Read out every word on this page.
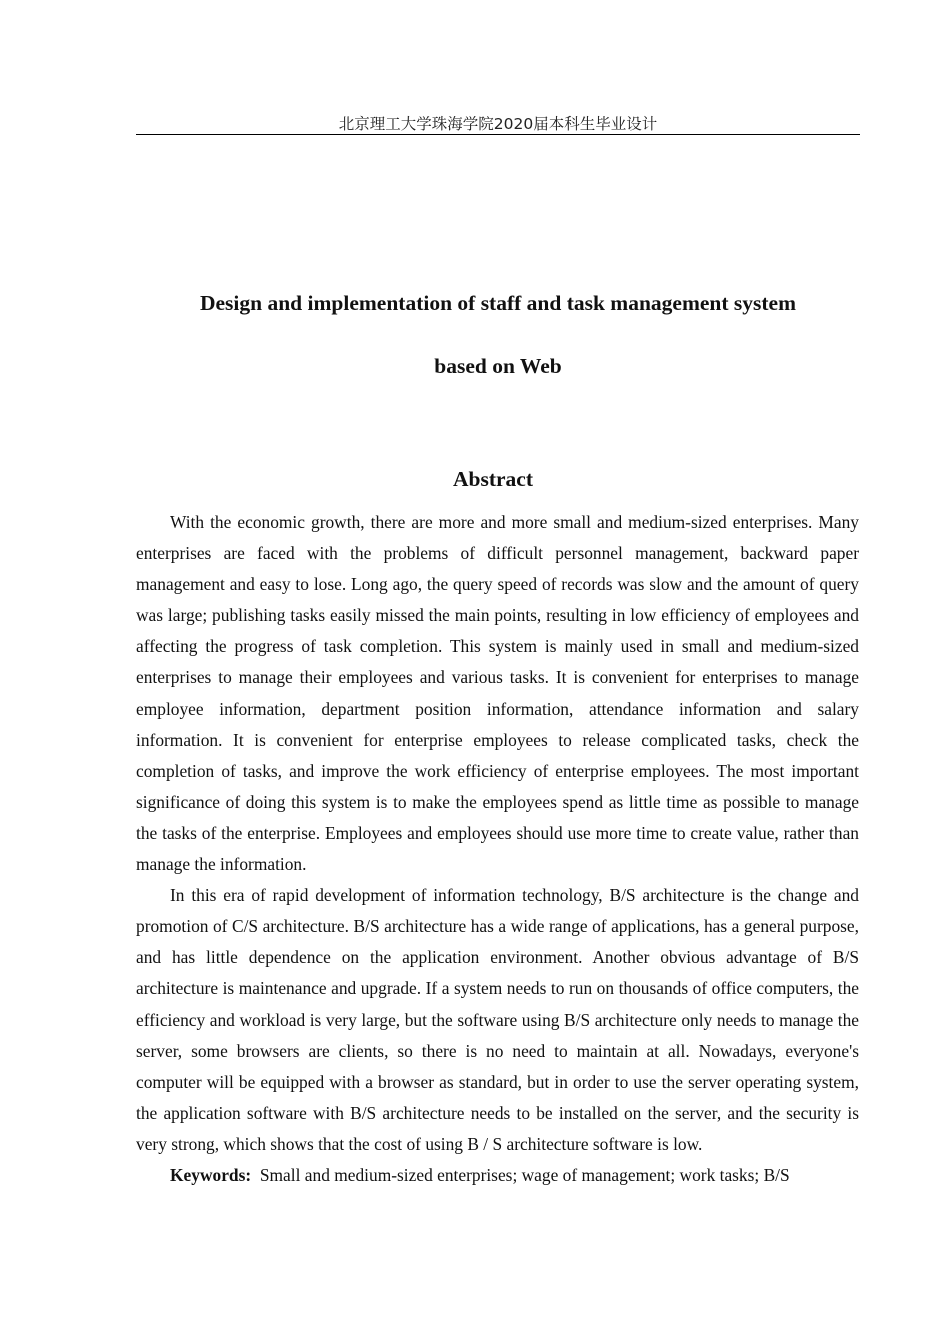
北京理工大学珠海学院2020届本科生毕业设计
Design and implementation of staff and task management system
based on Web
Abstract

With the economic growth, there are more and more small and medium-sized enterprises. Many enterprises are faced with the problems of difficult personnel management, backward paper management and easy to lose. Long ago, the query speed of records was slow and the amount of query was large; publishing tasks easily missed the main points, resulting in low efficiency of employees and affecting the progress of task completion. This system is mainly used in small and medium-sized enterprises to manage their employees and various tasks. It is convenient for enterprises to manage employee information, department position information, attendance information and salary information. It is convenient for enterprise employees to release complicated tasks, check the completion of tasks, and improve the work efficiency of enterprise employees. The most important significance of doing this system is to make the employees spend as little time as possible to manage the tasks of the enterprise. Employees and employees should use more time to create value, rather than manage the information.

In this era of rapid development of information technology, B/S architecture is the change and promotion of C/S architecture. B/S architecture has a wide range of applications, has a general purpose, and has little dependence on the application environment. Another obvious advantage of B/S architecture is maintenance and upgrade. If a system needs to run on thousands of office computers, the efficiency and workload is very large, but the software using B/S architecture only needs to manage the server, some browsers are clients, so there is no need to maintain at all. Nowadays, everyone's computer will be equipped with a browser as standard, but in order to use the server operating system, the application software with B/S architecture needs to be installed on the server, and the security is very strong, which shows that the cost of using B / S architecture software is low.

Keywords: Small and medium-sized enterprises; wage of management; work tasks; B/S
